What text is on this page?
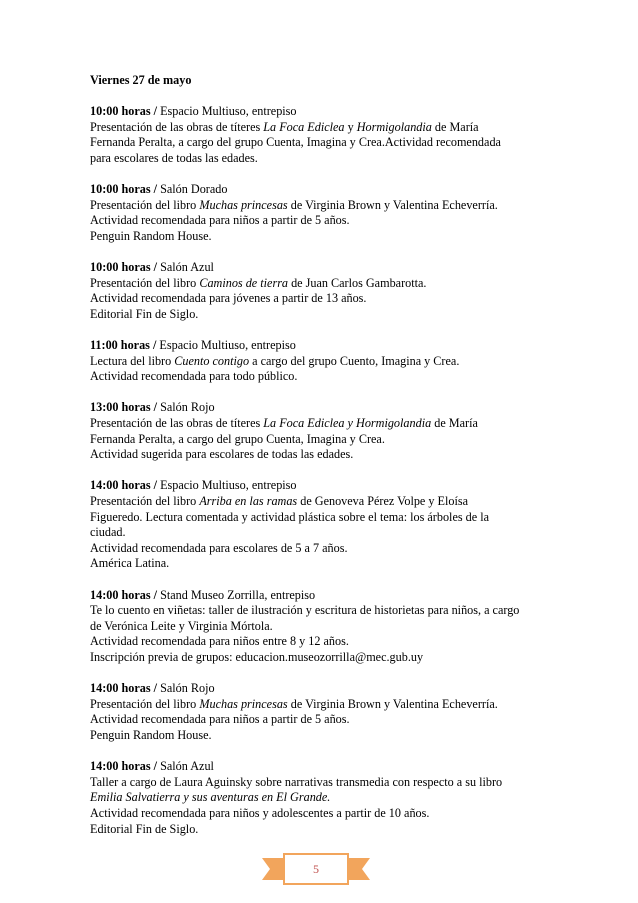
Viernes 27 de mayo
10:00 horas / Espacio Multiuso, entrepiso
Presentación de las obras de títeres La Foca Ediclea y Hormigolandia de María
Fernanda Peralta, a cargo del grupo Cuenta, Imagina y Crea.Actividad recomendada
para escolares de todas las edades.
10:00 horas / Salón Dorado
Presentación del libro Muchas princesas de Virginia Brown y Valentina Echeverría.
Actividad recomendada para niños a partir de 5 años.
Penguin Random House.
10:00 horas / Salón Azul
Presentación del libro Caminos de tierra de Juan Carlos Gambarotta.
Actividad recomendada para jóvenes a partir de 13 años.
Editorial Fin de Siglo.
11:00 horas / Espacio Multiuso, entrepiso
Lectura del libro Cuento contigo a cargo del grupo Cuento, Imagina y Crea.
Actividad recomendada para todo público.
13:00 horas / Salón Rojo
Presentación de las obras de títeres La Foca Ediclea y Hormigolandia de María
Fernanda Peralta, a cargo del grupo Cuenta, Imagina y Crea.
Actividad sugerida para escolares de todas las edades.
14:00 horas / Espacio Multiuso, entrepiso
Presentación del libro Arriba en las ramas de Genoveva Pérez Volpe y Eloísa
Figueredo. Lectura comentada y actividad plástica sobre el tema: los árboles de la
ciudad.
Actividad recomendada para escolares de 5 a 7 años.
América Latina.
14:00 horas / Stand Museo Zorrilla, entrepiso
Te lo cuento en viñetas: taller de ilustración y escritura de historietas para niños, a cargo
de Verónica Leite y Virginia Mórtola.
Actividad recomendada para niños entre 8 y 12 años.
Inscripción previa de grupos: educacion.museozorrilla@mec.gub.uy
14:00 horas / Salón Rojo
Presentación del libro Muchas princesas de Virginia Brown y Valentina Echeverría.
Actividad recomendada para niños a partir de 5 años.
Penguin Random House.
14:00 horas / Salón Azul
Taller a cargo de Laura Aguinsky sobre narrativas transmedia con respecto a su libro
Emilia Salvatierra y sus aventuras en El Grande.
Actividad recomendada para niños y adolescentes a partir de 10 años.
Editorial Fin de Siglo.
5
